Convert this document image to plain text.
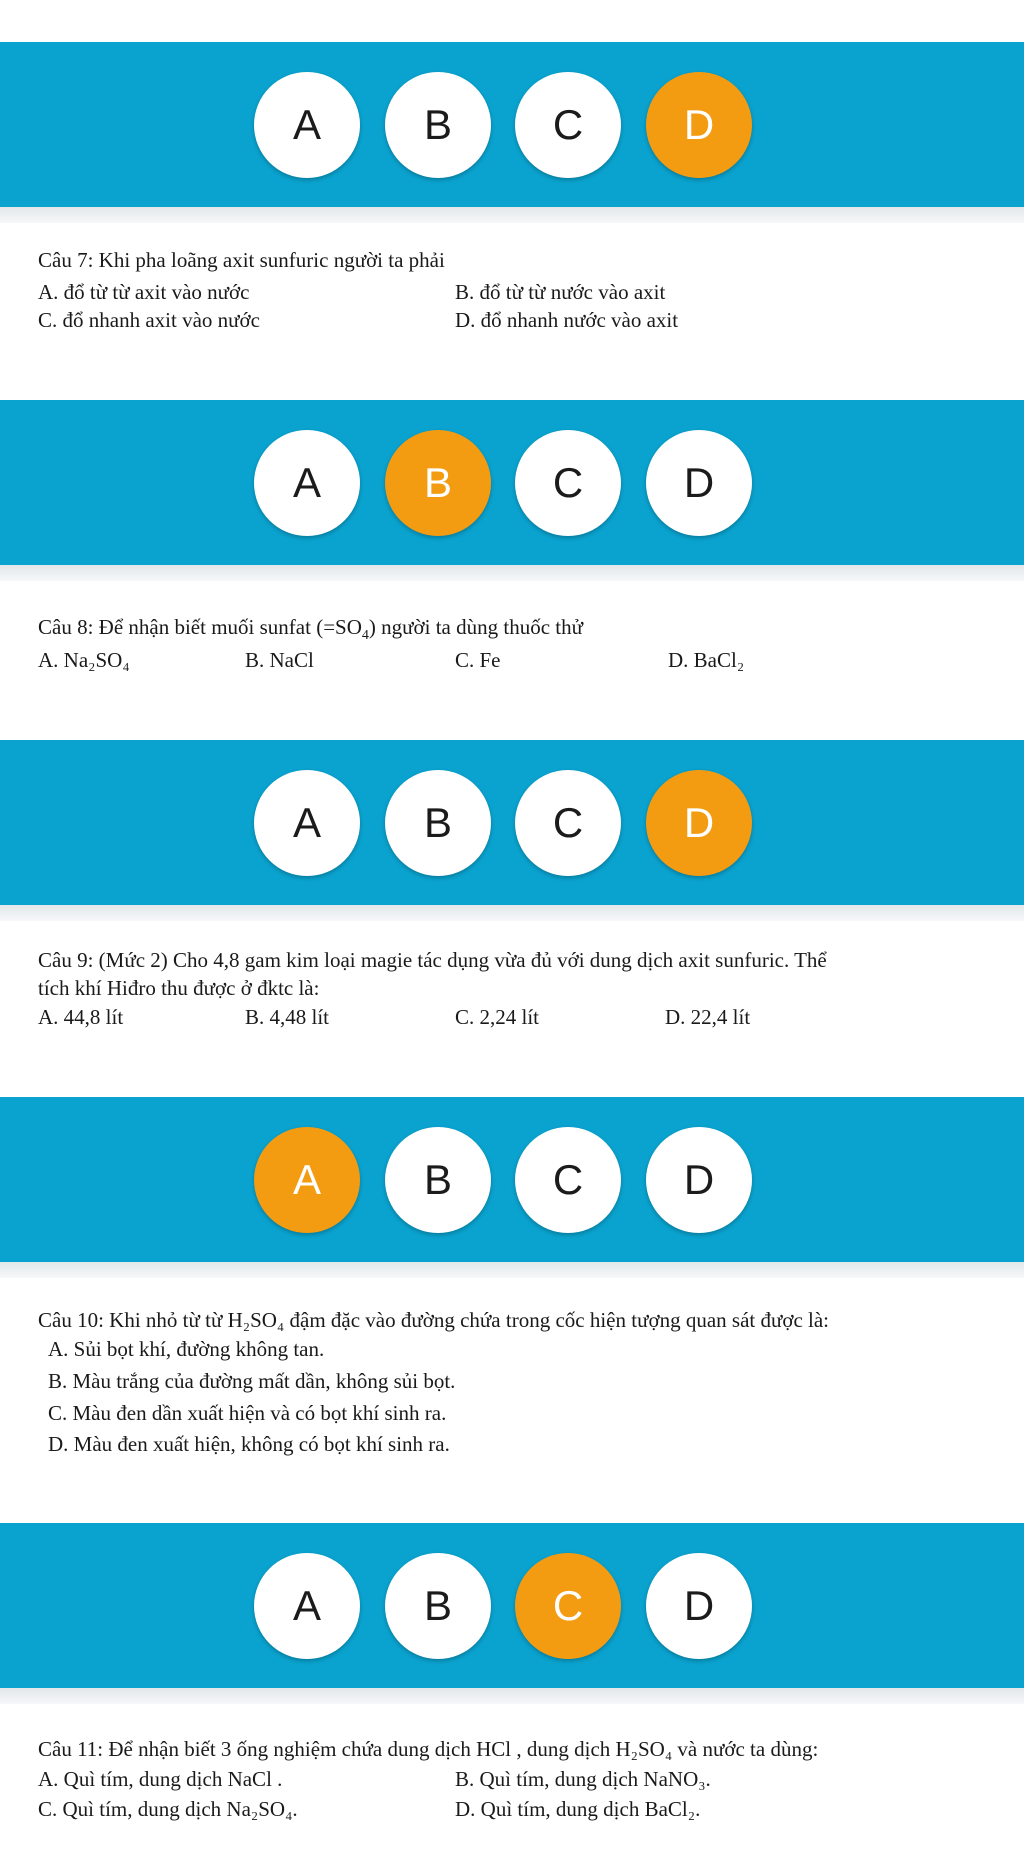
A	B	C	D
Câu 7: Khi pha loãng axit sunfuric người ta phải
A. đổ từ từ axit vào nước	B. đổ từ từ nước vào axit
C. đổ nhanh axit vào nước	D. đổ nhanh nước vào axit
A	B	C	D
Câu 8: Để nhận biết muối sunfat $(=SO_4)$ người ta dùng thuốc thử
A. Na₂SO₄	B. NaCl	C. Fe	D. BaCl₂
A	B	C	D
Câu 9: (Mức 2) Cho 4,8 gam kim loại magie tác dụng vừa đủ với dung dịch axit sunfuric. Thể
tích khí Hiđro thu được ở đktc là:
A. 44,8 lít	B. 4,48 lít	C. 2,24 lít	D. 22,4 lít
A	B	C	D
Câu 10: Khi nhỏ từ từ H₂SO₄ đậm đặc vào đường chứa trong cốc hiện tượng quan sát được là:
A. Sủi bọt khí, đường không tan.
B. Màu trắng của đường mất dần, không sủi bọt.
C. Màu đen dần xuất hiện và có bọt khí sinh ra.
D. Màu đen xuất hiện, không có bọt khí sinh ra.
A	B	C	D
Câu 11: Để nhận biết 3 ống nghiệm chứa dung dịch HCl , dung dịch H₂SO₄ và nước ta dùng:
A. Quì tím, dung dịch NaCl .	B. Quì tím, dung dịch NaNO₃.
C. Quì tím, dung dịch Na₂SO₄.	D. Quì tím, dung dịch BaCl₂.
